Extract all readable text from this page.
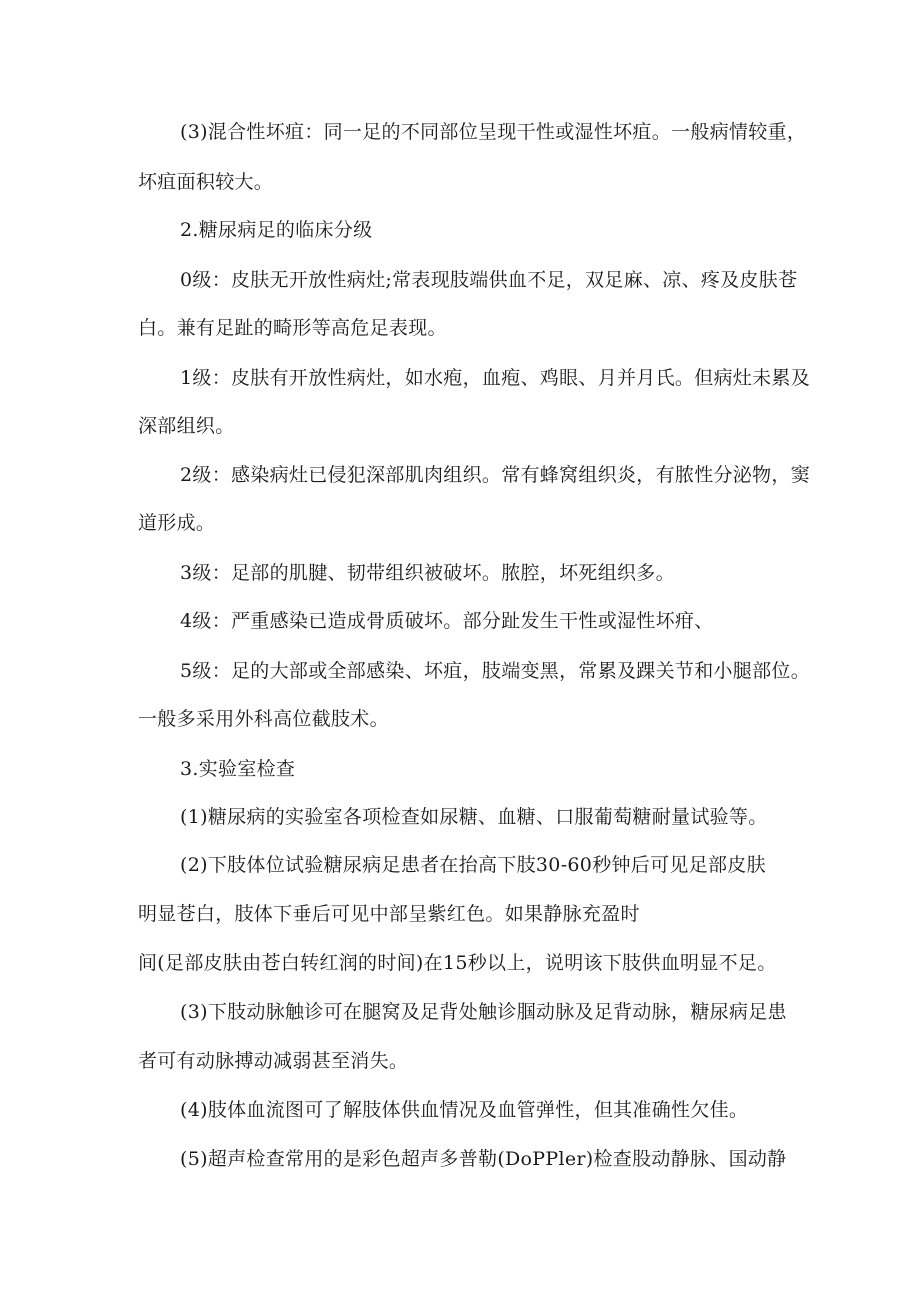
(3)混合性坏疽：同一足的不同部位呈现干性或湿性坏疽。一般病情较重，
坏疽面积较大。
2.糖尿病足的临床分级
0级：皮肤无开放性病灶;常表现肢端供血不足，双足麻、凉、疼及皮肤苍
白。兼有足趾的畸形等高危足表现。
1级：皮肤有开放性病灶，如水疱，血疱、鸡眼、月并月氏。但病灶未累及
深部组织。
2级：感染病灶已侵犯深部肌肉组织。常有蜂窝组织炎，有脓性分泌物，窦
道形成。
3级：足部的肌腱、韧带组织被破坏。脓腔，坏死组织多。
4级：严重感染已造成骨质破坏。部分趾发生干性或湿性坏疳、
5级：足的大部或全部感染、坏疽，肢端变黑，常累及踝关节和小腿部位。
一般多采用外科高位截肢术。
3.实验室检查
(1)糖尿病的实验室各项检查如尿糖、血糖、口服葡萄糖耐量试验等。
(2)下肢体位试验糖尿病足患者在抬高下肢30-60秒钟后可见足部皮肤
明显苍白，肢体下垂后可见中部呈紫红色。如果静脉充盈时
间(足部皮肤由苍白转红润的时间)在15秒以上，说明该下肢供血明显不足。
(3)下肢动脉触诊可在腿窝及足背处触诊腘动脉及足背动脉，糖尿病足患
者可有动脉搏动减弱甚至消失。
(4)肢体血流图可了解肢体供血情况及血管弹性，但其准确性欠佳。
(5)超声检查常用的是彩色超声多普勒(DoPPler)检查股动静脉、国动静
